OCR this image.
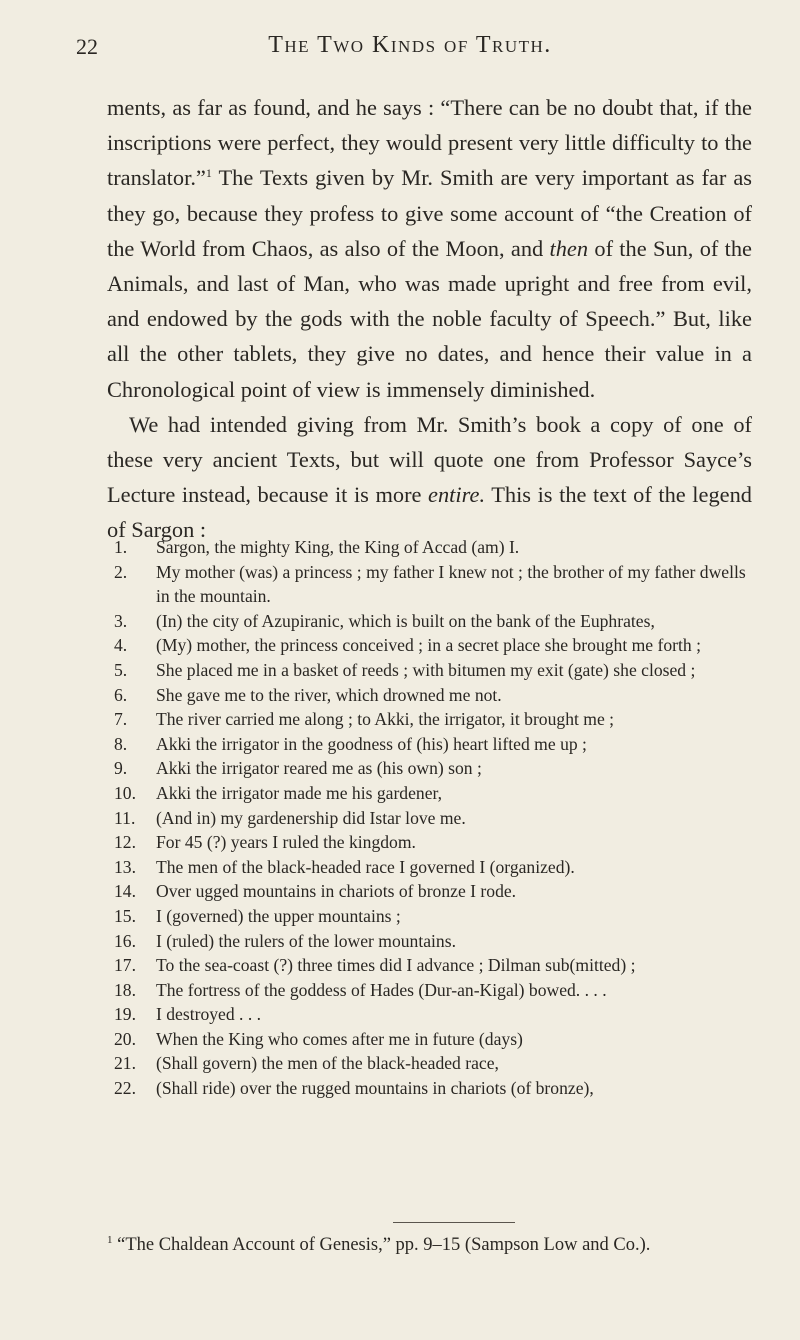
22	The Two Kinds of Truth.

ments, as far as found, and he says : “There can be no doubt that, if the inscriptions were perfect, they would present very little difficulty to the translator.”$^1$ The Texts given by Mr. Smith are very important as far as they go, because they profess to give some account of “the Creation of the World from Chaos, as also of the Moon, and then of the Sun, of the Animals, and last of Man, who was made upright and free from evil, and endowed by the gods with the noble faculty of Speech.” But, like all the other tablets, they give no dates, and hence their value in a Chronological point of view is immensely diminished.

We had intended giving from Mr. Smith’s book a copy of one of these very ancient Texts, but will quote one from Professor Sayce’s Lecture instead, because it is more entire. This is the text of the legend of Sargon :

1. Sargon, the mighty King, the King of Accad (am) I.
2. My mother (was) a princess ; my father I knew not ; the brother of my father dwells in the mountain.
3. (In) the city of Azupiranic, which is built on the bank of the Euphrates,
4. (My) mother, the princess conceived ; in a secret place she brought me forth ;
5. She placed me in a basket of reeds ; with bitumen my exit (gate) she closed ;
6. She gave me to the river, which drowned me not.
7. The river carried me along ; to Akki, the irrigator, it brought me ;
8. Akki the irrigator in the goodness of (his) heart lifted me up ;
9. Akki the irrigator reared me as (his own) son ;
10. Akki the irrigator made me his gardener,
11. (And in) my gardenership did Istar love me.
12. For 45 (?) years I ruled the kingdom.
13. The men of the black-headed race I governed I (organized).
14. Over ugged mountains in chariots of bronze I rode.
15. I (governed) the upper mountains ;
16. I (ruled) the rulers of the lower mountains.
17. To the sea-coast (?) three times did I advance ; Dilman sub(mitted) ;
18. The fortress of the goddess of Hades (Dur-an-Kigal) bowed. . . .
19. I destroyed . . .
20. When the King who comes after me in future (days)
21. (Shall govern) the men of the black-headed race,
22. (Shall ride) over the rugged mountains in chariots (of bronze),
$^1$ “The Chaldean Account of Genesis,” pp. 9–15 (Sampson Low and Co.).
